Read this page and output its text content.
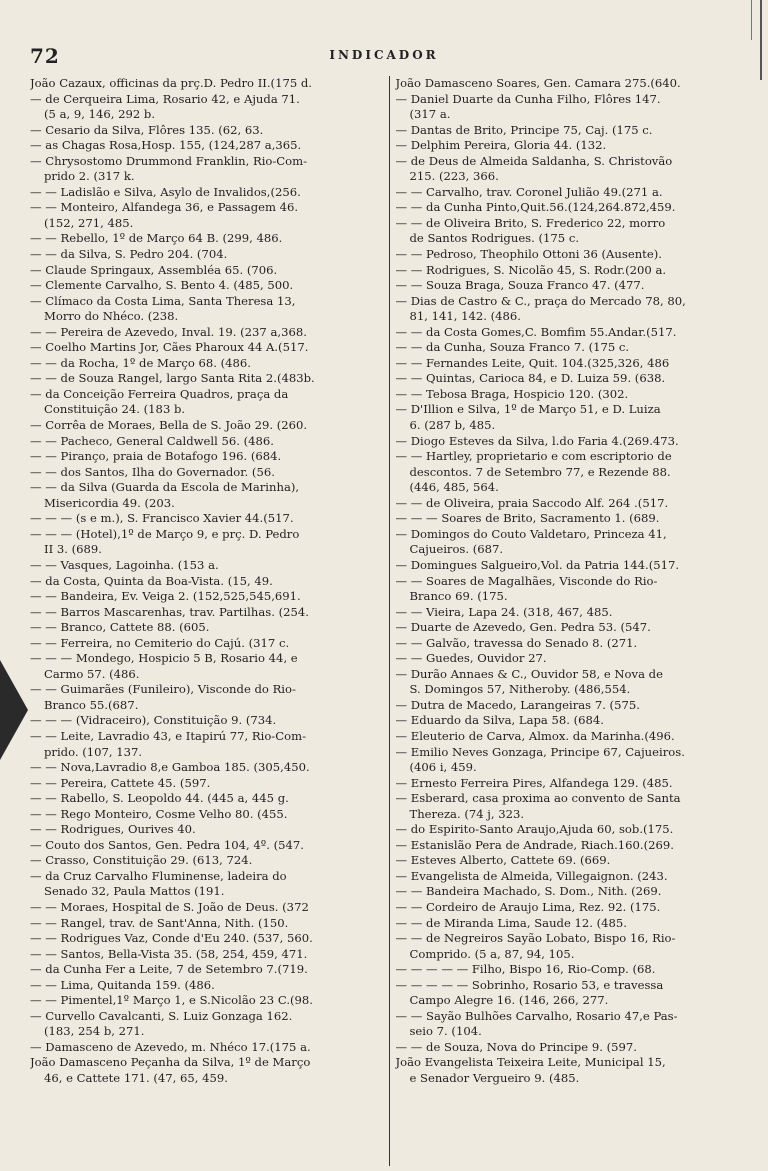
72	INDICADOR

João Cazaux, officinas da prç.D. Pedro II.(175 d.

— de Cerqueira Lima, Rosario 42, e Ajuda 71.
(5 a, 9, 146, 292 b.

— Cesario da Silva, Flôres 135. (62, 63.

— as Chagas Rosa,Hosp. 155, (124,287 a,365.

— Chrysostomo Drummond Franklin, Rio-Com-
prido 2. (317 k.

— — Ladislão e Silva, Asylo de Invalidos,(256.

— — Monteiro, Alfandega 36, e Passagem 46.
(152, 271, 485.

— — Rebello, 1º de Março 64 B. (299, 486.

— — da Silva, S. Pedro 204. (704.

— Claude Springaux, Assembléa 65. (706.

— Clemente Carvalho, S. Bento 4. (485, 500.

— Clímaco da Costa Lima, Santa Theresa 13,
Morro do Nhéco. (238.

— — Pereira de Azevedo, Inval. 19. (237 a,368.

— Coelho Martins Jor, Cães Pharoux 44 A.(517.

— — da Rocha, 1º de Março 68. (486.

— — de Souza Rangel, largo Santa Rita 2.(483b.

— da Conceição Ferreira Quadros, praça da
Constituição 24. (183 b.

— Corrêa de Moraes, Bella de S. João 29. (260.

— — Pacheco, General Caldwell 56. (486.

— — Piranço, praia de Botafogo 196. (684.

— — dos Santos, Ilha do Governador. (56.

— — da Silva (Guarda da Escola de Marinha),
Misericordia 49. (203.

— — — (s e m.), S. Francisco Xavier 44.(517.

— — — (Hotel),1º de Março 9, e prç. D. Pedro
II 3. (689.

— — Vasques, Lagoinha. (153 a.

— da Costa, Quinta da Boa-Vista. (15, 49.

— — Bandeira, Ev. Veiga 2. (152,525,545,691.

— — Barros Mascarenhas, trav. Partilhas. (254.

— — Branco, Cattete 88. (605.

— — Ferreira, no Cemiterio do Cajú. (317 c.

— — — Mondego, Hospicio 5 B, Rosario 44, e
Carmo 57. (486.

— — Guimarães (Funileiro), Visconde do Rio-
Branco 55.(687.

— — — (Vidraceiro), Constituição 9. (734.

— — Leite, Lavradio 43, e Itapirú 77, Rio-Com-
prido. (107, 137.

— — Nova,Lavradio 8,e Gamboa 185. (305,450.

— — Pereira, Cattete 45. (597.

— — Rabello, S. Leopoldo 44. (445 a, 445 g.

— — Rego Monteiro, Cosme Velho 80. (455.

— — Rodrigues, Ourives 40.

— Couto dos Santos, Gen. Pedra 104, 4º. (547.

— Crasso, Constituição 29. (613, 724.

— da Cruz Carvalho Fluminense, ladeira do
Senado 32, Paula Mattos (191.

— — Moraes, Hospital de S. João de Deus. (372

— — Rangel, trav. de Sant'Anna, Nith. (150.

— — Rodrigues Vaz, Conde d'Eu 240. (537, 560.

— — Santos, Bella-Vista 35. (58, 254, 459, 471.

— da Cunha Fer a Leite, 7 de Setembro 7.(719.

— — Lima, Quitanda 159. (486.

— — Pimentel,1º Março 1, e S.Nicolão 23 C.(98.

— Curvello Cavalcanti, S. Luiz Gonzaga 162.
(183, 254 b, 271.

— Damasceno de Azevedo, m. Nhéco 17.(175 a.

João Damasceno Peçanha da Silva, 1º de Março
46, e Cattete 171. (47, 65, 459.

João Damasceno Soares, Gen. Camara 275.(640.

— Daniel Duarte da Cunha Filho, Flôres 147.
(317 a.

— Dantas de Brito, Principe 75, Caj. (175 c.

— Delphim Pereira, Gloria 44. (132.

— de Deus de Almeida Saldanha, S. Christovão
215. (223, 366.

— — Carvalho, trav. Coronel Julião 49.(271 a.

— — da Cunha Pinto,Quit.56.(124,264.872,459.

— — de Oliveira Brito, S. Frederico 22, morro
de Santos Rodrigues. (175 c.

— — Pedroso, Theophilo Ottoni 36 (Ausente).

— — Rodrigues, S. Nicolão 45, S. Rodr.(200 a.

— — Souza Braga, Souza Franco 47. (477.

— Dias de Castro & C., praça do Mercado 78, 80,
81, 141, 142. (486.

— — da Costa Gomes,C. Bomfim 55.Andar.(517.

— — da Cunha, Souza Franco 7. (175 c.

— — Fernandes Leite, Quit. 104.(325,326, 486

— — Quintas, Carioca 84, e D. Luiza 59. (638.

— — Tebosa Braga, Hospicio 120. (302.

— D'Illion e Silva, 1º de Março 51, e D. Luiza
6. (287 b, 485.

— Diogo Esteves da Silva, l.do Faria 4.(269.473.

— — Hartley, proprietario e com escriptorio de
descontos. 7 de Setembro 77, e Rezende 88.
(446, 485, 564.

— — de Oliveira, praia Saccodo Alf. 264 .(517.

— — — Soares de Brito, Sacramento 1. (689.

— Domingos do Couto Valdetaro, Princeza 41,
Cajueiros. (687.

— Domingues Salgueiro,Vol. da Patria 144.(517.

— — Soares de Magalhães, Visconde do Rio-
Branco 69. (175.

— — Vieira, Lapa 24. (318, 467, 485.

— Duarte de Azevedo, Gen. Pedra 53. (547.

— — Galvão, travessa do Senado 8. (271.

— — Guedes, Ouvidor 27.

— Durão Annaes & C., Ouvidor 58, e Nova de
S. Domingos 57, Nitheroby. (486,554.

— Dutra de Macedo, Larangeiras 7. (575.

— Eduardo da Silva, Lapa 58. (684.

— Eleuterio de Carva, Almox. da Marinha.(496.

— Emilio Neves Gonzaga, Principe 67, Cajueiros.
(406 i, 459.

— Ernesto Ferreira Pires, Alfandega 129. (485.

— Esberard, casa proxima ao convento de Santa
Thereza. (74 j, 323.

— do Espirito-Santo Araujo,Ajuda 60, sob.(175.

— Estanislão Pera de Andrade, Riach.160.(269.

— Esteves Alberto, Cattete 69. (669.

— Evangelista de Almeida, Villegaignon. (243.

— — Bandeira Machado, S. Dom., Nith. (269.

— — Cordeiro de Araujo Lima, Rez. 92. (175.

— — de Miranda Lima, Saude 12. (485.

— — de Negreiros Sayão Lobato, Bispo 16, Rio-
Comprido. (5 a, 87, 94, 105.

— — — — — Filho, Bispo 16, Rio-Comp. (68.

— — — — — Sobrinho, Rosario 53, e travessa
Campo Alegre 16. (146, 266, 277.

— — Sayão Bulhões Carvalho, Rosario 47,e Pas-
seio 7. (104.

— — de Souza, Nova do Principe 9. (597.

João Evangelista Teixeira Leite, Municipal 15,
e Senador Vergueiro 9. (485.
